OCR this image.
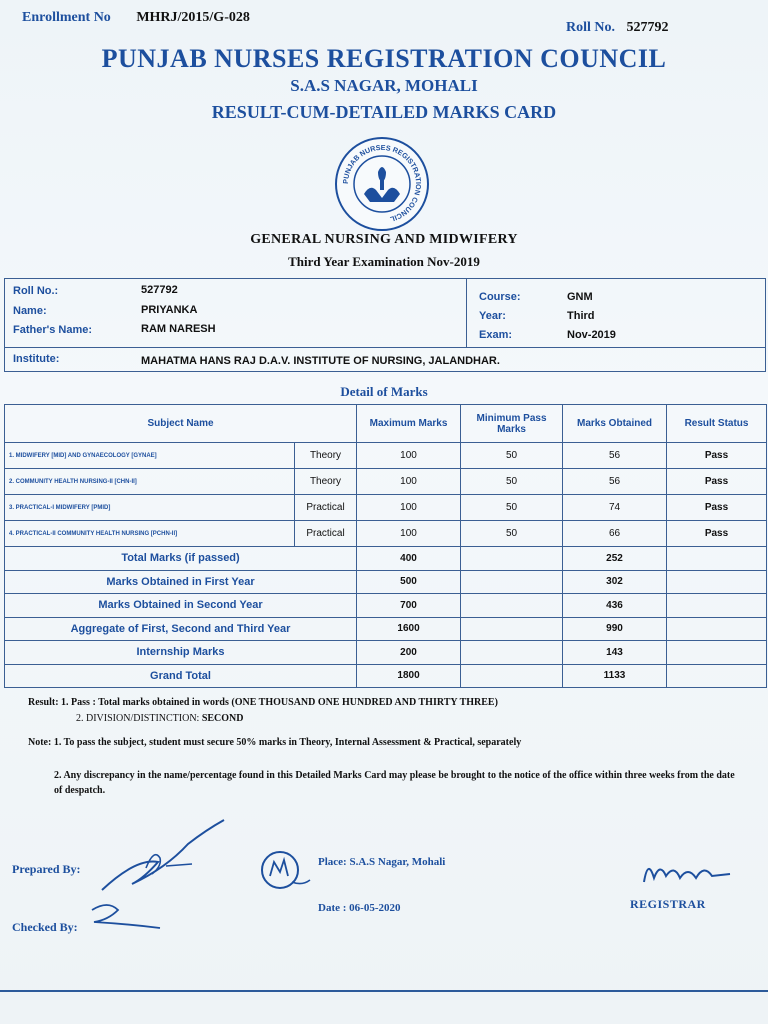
Enrollment No MHRJ/2015/G-028
Roll No. 527792
PUNJAB NURSES REGISTRATION COUNCIL
S.A.S NAGAR, MOHALI
RESULT-CUM-DETAILED MARKS CARD
PUNJAB NURSES REGISTRATION COUNCIL
GENERAL NURSING AND MIDWIFERY
Third Year Examination Nov-2019
Roll No.:	527792
Name:	PRIYANKA
Father's Name:	RAM NARESH
Course:	GNM
Year:	Third
Exam:	Nov-2019
Institute:	MAHATMA HANS RAJ D.A.V. INSTITUTE OF NURSING, JALANDHAR.
Detail of Marks
Subject Name		Maximum Marks	Minimum Pass Marks	Marks Obtained	Result Status
1. MIDWIFERY [MID] AND GYNAECOLOGY [GYNAE]	Theory	100	50	56	Pass
2. COMMUNITY HEALTH NURSING-II [CHN-II]	Theory	100	50	56	Pass
3. PRACTICAL-I MIDWIFERY [PMID]	Practical	100	50	74	Pass
4. PRACTICAL-II COMMUNITY HEALTH NURSING [PCHN-II]	Practical	100	50	66	Pass
Total Marks (if passed)		400		252	
Marks Obtained in First Year		500		302	
Marks Obtained in Second Year		700		436	
Aggregate of First, Second and Third Year		1600		990	
Internship Marks		200		143	
Grand Total		1800		1133	
Result: 1. Pass : Total marks obtained in words (ONE THOUSAND ONE HUNDRED AND THIRTY THREE)
2. DIVISION/DISTINCTION: SECOND
Note: 1. To pass the subject, student must secure 50% marks in Theory, Internal Assessment & Practical, separately
2. Any discrepancy in the name/percentage found in this Detailed Marks Card may please be brought to the notice of the office within three weeks from the date of despatch.
Prepared By:
Checked By:
Place: S.A.S Nagar, Mohali
Date : 06-05-2020	REGISTRAR
